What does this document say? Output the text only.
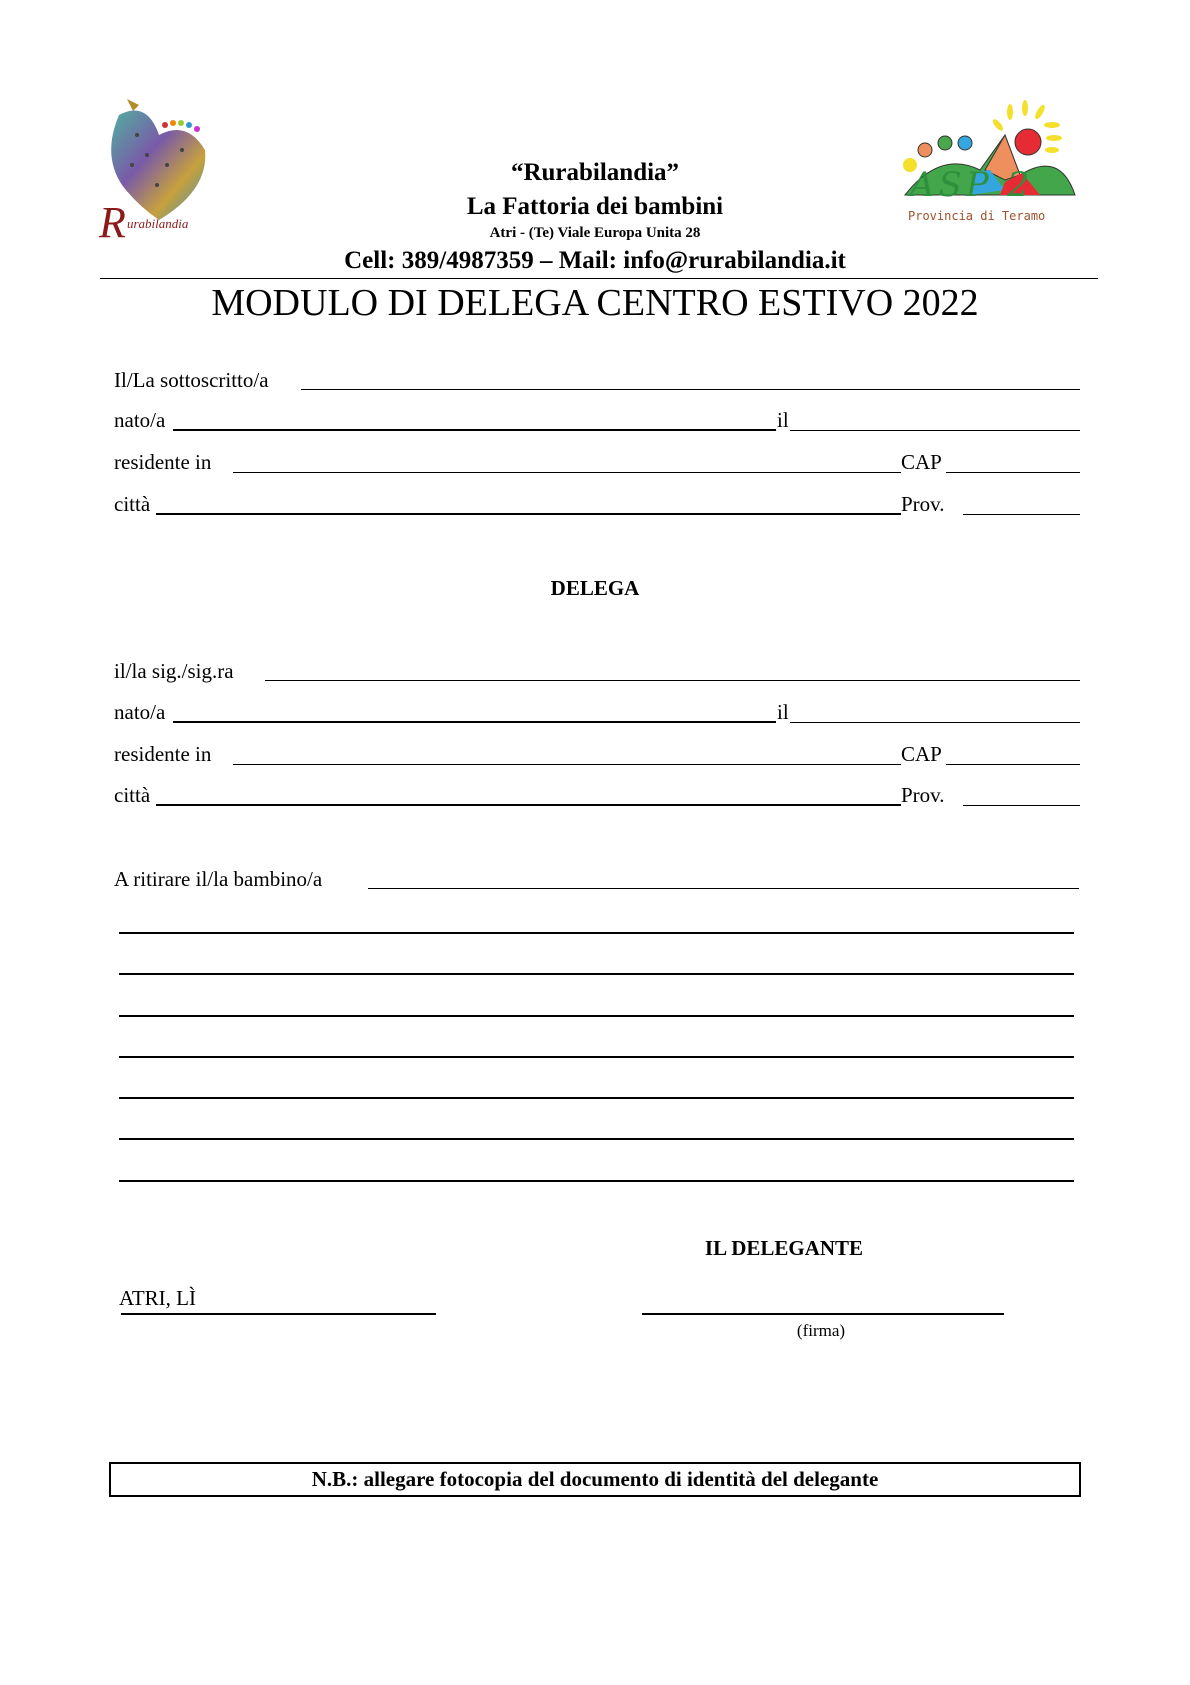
R urabilandia
ASP 2
Provincia di Teramo
“Rurabilandia”
La Fattoria dei bambini
Atri - (Te) Viale Europa Unita 28
Cell: 389/4987359 – Mail: info@rurabilandia.it
MODULO DI DELEGA CENTRO ESTIVO 2022
Il/La sottoscritto/a
nato/a	il
residente in	CAP
città	Prov.
DELEGA
il/la sig./sig.ra
nato/a	il
residente in	CAP
città	Prov.
A ritirare il/la bambino/a
IL DELEGANTE
ATRI, LÌ
(firma)
N.B.: allegare fotocopia del documento di identità del delegante
